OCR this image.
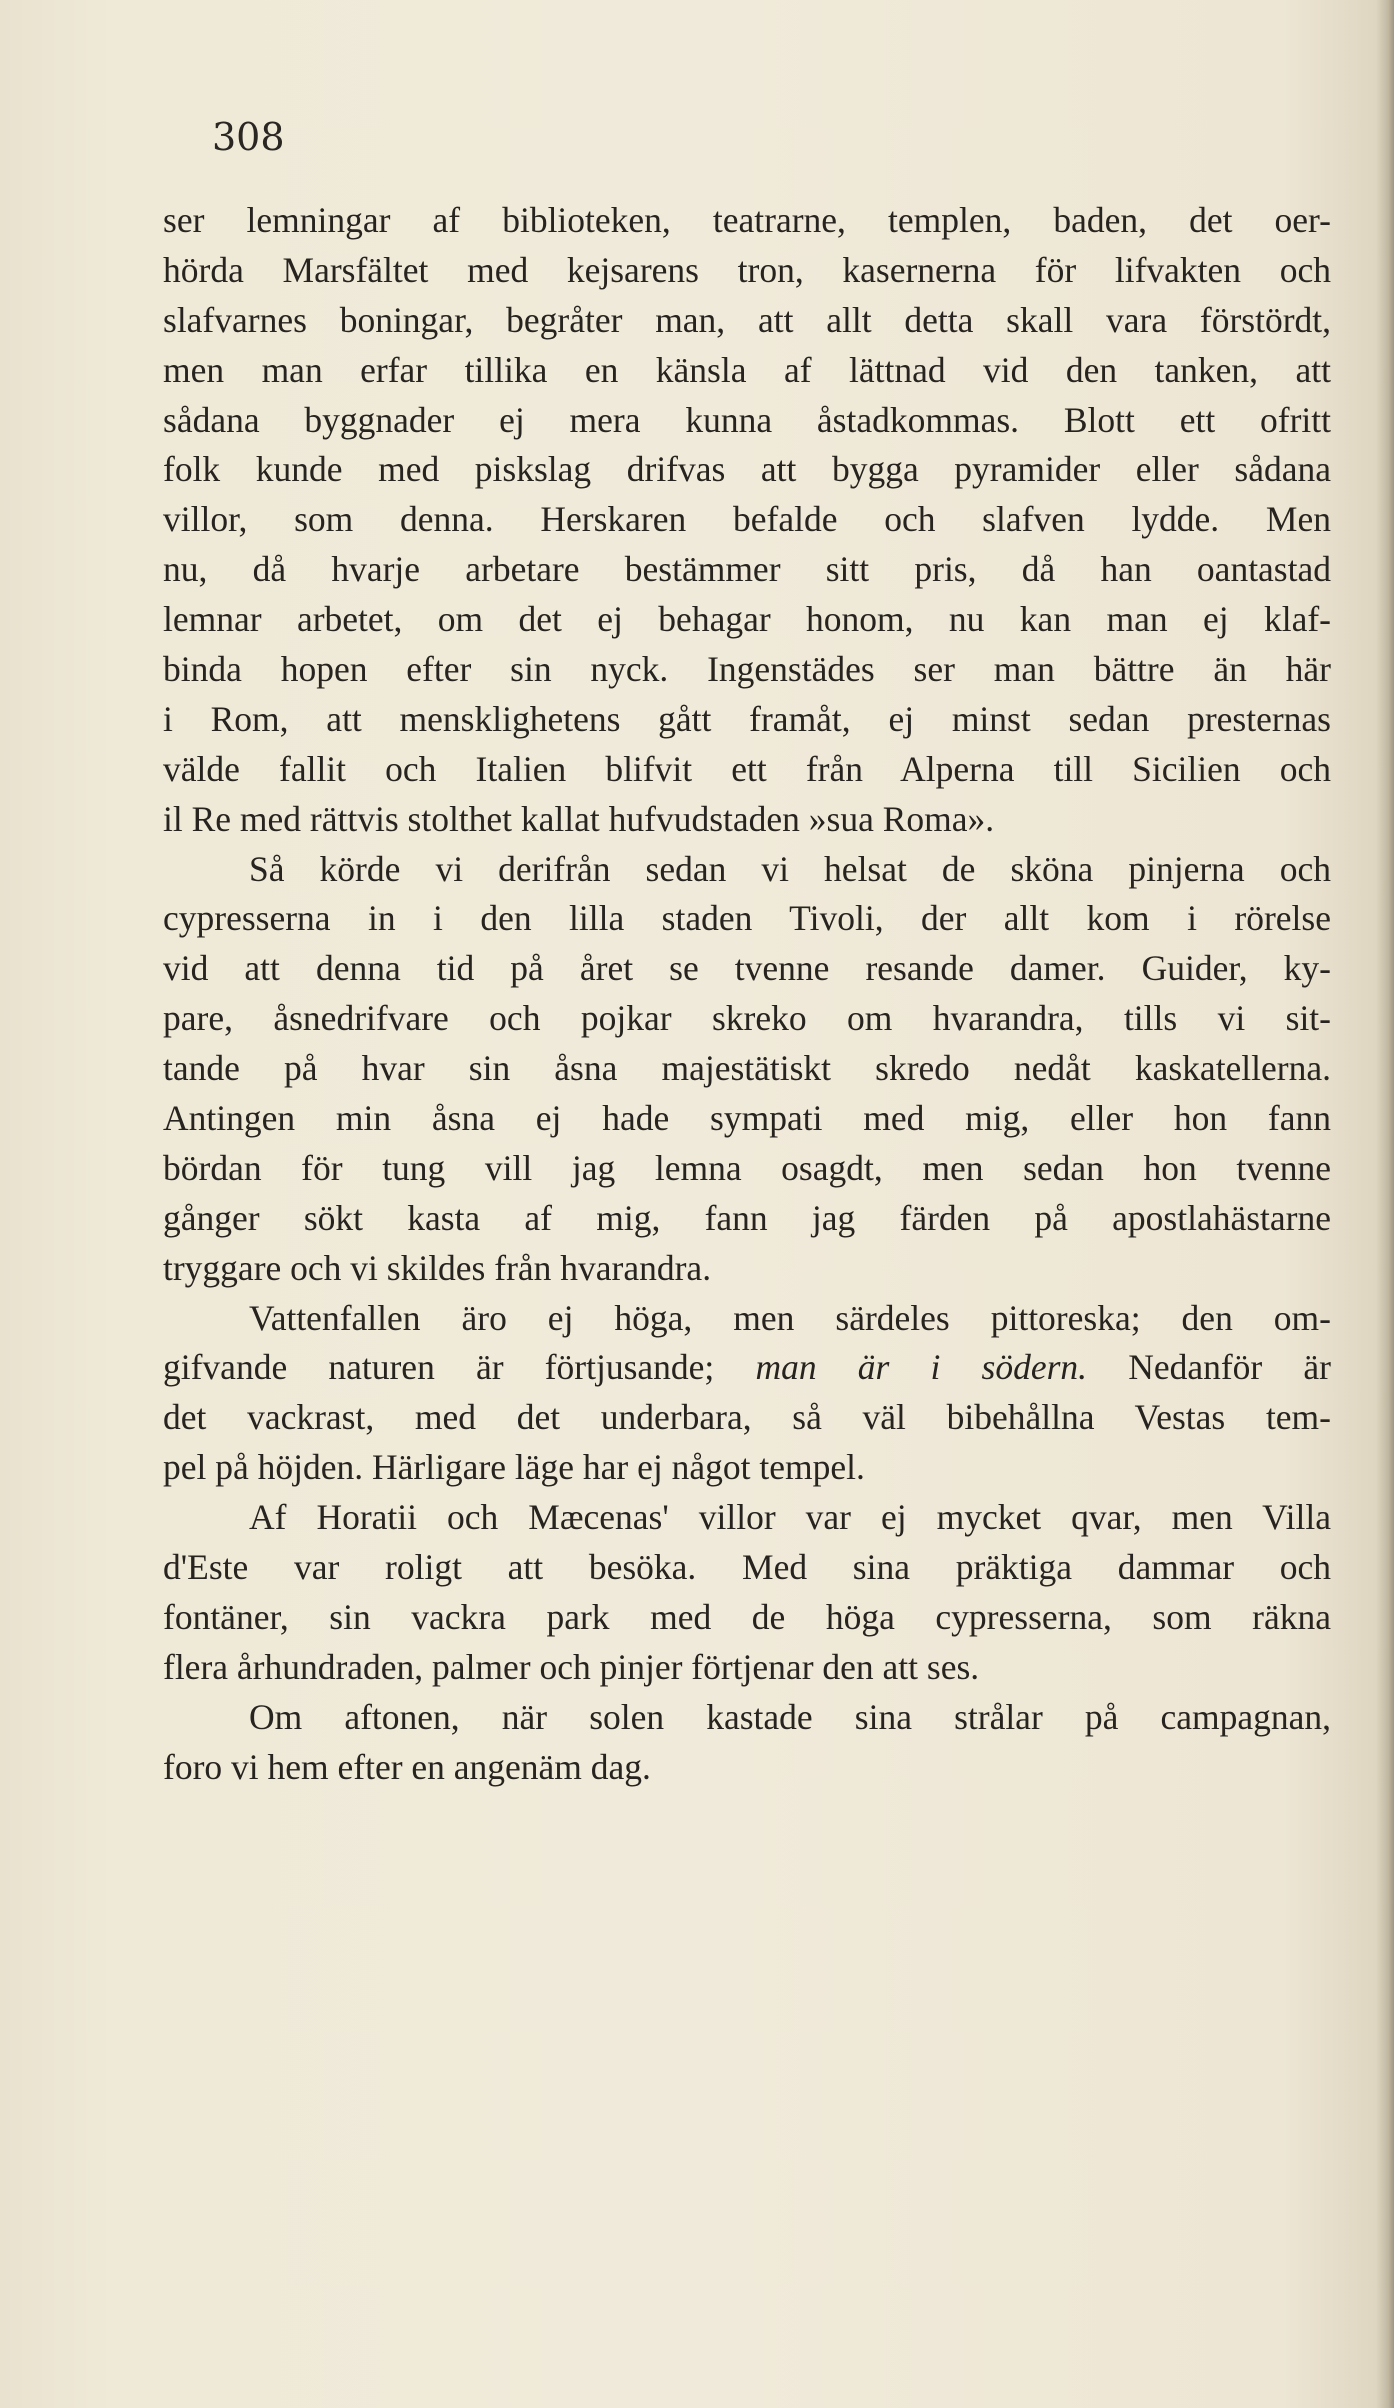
308
ser lemningar af biblioteken, teatrarne, templen, baden, det oer-
hörda Marsfältet med kejsarens tron, kasernerna för lifvakten och
slafvarnes boningar, begråter man, att allt detta skall vara förstördt,
men man erfar tillika en känsla af lättnad vid den tanken, att
sådana byggnader ej mera kunna åstadkommas. Blott ett ofritt
folk kunde med piskslag drifvas att bygga pyramider eller sådana
villor, som denna. Herskaren befalde och slafven lydde. Men
nu, då hvarje arbetare bestämmer sitt pris, då han oantastad
lemnar arbetet, om det ej behagar honom, nu kan man ej klaf-
binda hopen efter sin nyck. Ingenstädes ser man bättre än här
i Rom, att mensklighetens gått framåt, ej minst sedan presternas
välde fallit och Italien blifvit ett från Alperna till Sicilien och
il Re med rättvis stolthet kallat hufvudstaden »sua Roma».
Så körde vi derifrån sedan vi helsat de sköna pinjerna och
cypresserna in i den lilla staden Tivoli, der allt kom i rörelse
vid att denna tid på året se tvenne resande damer. Guider, ky-
pare, åsnedrifvare och pojkar skreko om hvarandra, tills vi sit-
tande på hvar sin åsna majestätiskt skredo nedåt kaskatellerna.
Antingen min åsna ej hade sympati med mig, eller hon fann
bördan för tung vill jag lemna osagdt, men sedan hon tvenne
gånger sökt kasta af mig, fann jag färden på apostlahästarne
tryggare och vi skildes från hvarandra.
Vattenfallen äro ej höga, men särdeles pittoreska; den om-
gifvande naturen är förtjusande; man är i södern. Nedanför är
det vackrast, med det underbara, så väl bibehållna Vestas tem-
pel på höjden. Härligare läge har ej något tempel.
Af Horatii och Mæcenas' villor var ej mycket qvar, men Villa
d'Este var roligt att besöka. Med sina präktiga dammar och
fontäner, sin vackra park med de höga cypresserna, som räkna
flera århundraden, palmer och pinjer förtjenar den att ses.
Om aftonen, när solen kastade sina strålar på campagnan,
foro vi hem efter en angenäm dag.
